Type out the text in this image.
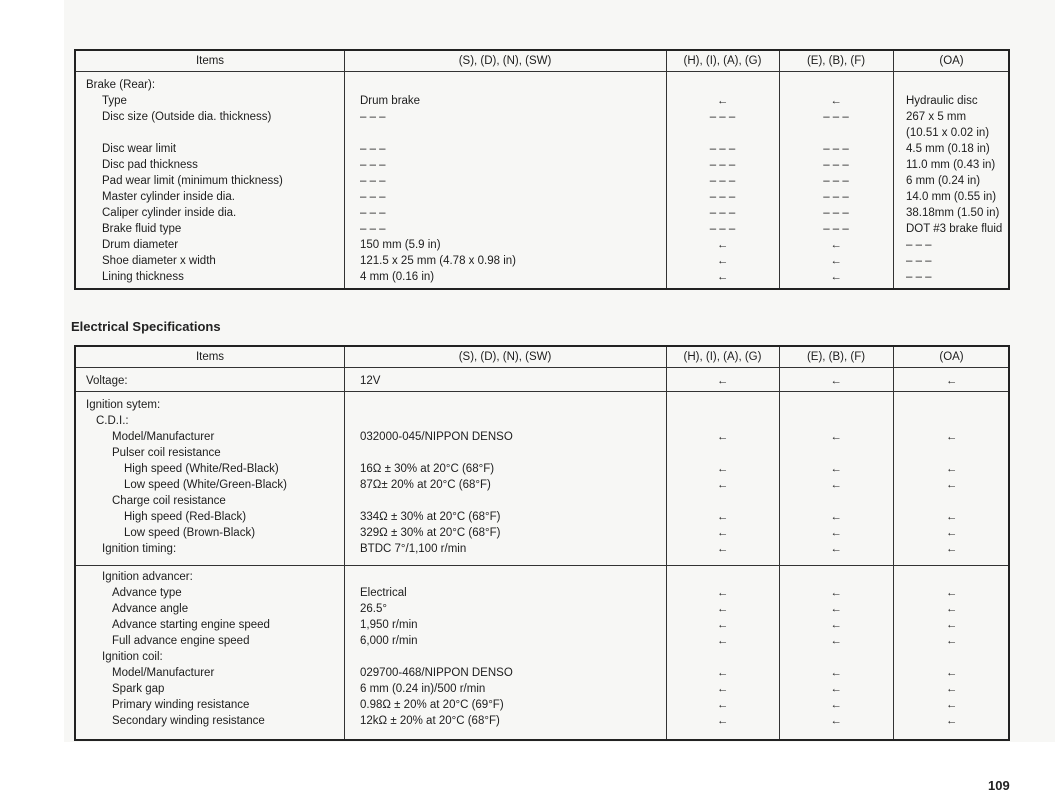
Items	(S), (D), (N), (SW)	(H), (I), (A), (G)	(E), (B), (F)	(OA)
Brake (Rear):
Type	Drum brake	←	←	Hydraulic disc
Disc size (Outside dia. thickness)	– – –	– – –	– – –	267 x 5 mm
(10.51 x 0.02 in)
Disc wear limit	– – –	– – –	– – –	4.5 mm (0.18 in)
Disc pad thickness	– – –	– – –	– – –	11.0 mm (0.43 in)
Pad wear limit (minimum thickness)	– – –	– – –	– – –	6 mm (0.24 in)
Master cylinder inside dia.	– – –	– – –	– – –	14.0 mm (0.55 in)
Caliper cylinder inside dia.	– – –	– – –	– – –	38.18mm (1.50 in)
Brake fluid type	– – –	– – –	– – –	DOT #3 brake fluid
Drum diameter	150 mm (5.9 in)	←	←	– – –
Shoe diameter x width	121.5 x 25 mm (4.78 x 0.98 in)	←	←	– – –
Lining thickness	4 mm (0.16 in)	←	←	– – –
Electrical Specifications
Items	(S), (D), (N), (SW)	(H), (I), (A), (G)	(E), (B), (F)	(OA)
Voltage:	12V	←	←	←
Ignition sytem:
C.D.I.:
Model/Manufacturer	032000-045/NIPPON DENSO	←	←	←
Pulser coil resistance
High speed (White/Red-Black)	16Ω ± 30% at 20°C (68°F)	←	←	←
Low speed (White/Green-Black)	87Ω± 20% at 20°C (68°F)	←	←	←
Charge coil resistance
High speed (Red-Black)	334Ω ± 30% at 20°C (68°F)	←	←	←
Low speed (Brown-Black)	329Ω ± 30% at 20°C (68°F)	←	←	←
Ignition timing:	BTDC 7°/1,100 r/min	←	←	←
Ignition advancer:
Advance type	Electrical	←	←	←
Advance angle	26.5°	←	←	←
Advance starting engine speed	1,950 r/min	←	←	←
Full advance engine speed	6,000 r/min	←	←	←
Ignition coil:
Model/Manufacturer	029700-468/NIPPON DENSO	←	←	←
Spark gap	6 mm (0.24 in)/500 r/min	←	←	←
Primary winding resistance	0.98Ω ± 20% at 20°C (69°F)	←	←	←
Secondary winding resistance	12kΩ ± 20% at 20°C (68°F)	←	←	←
109
